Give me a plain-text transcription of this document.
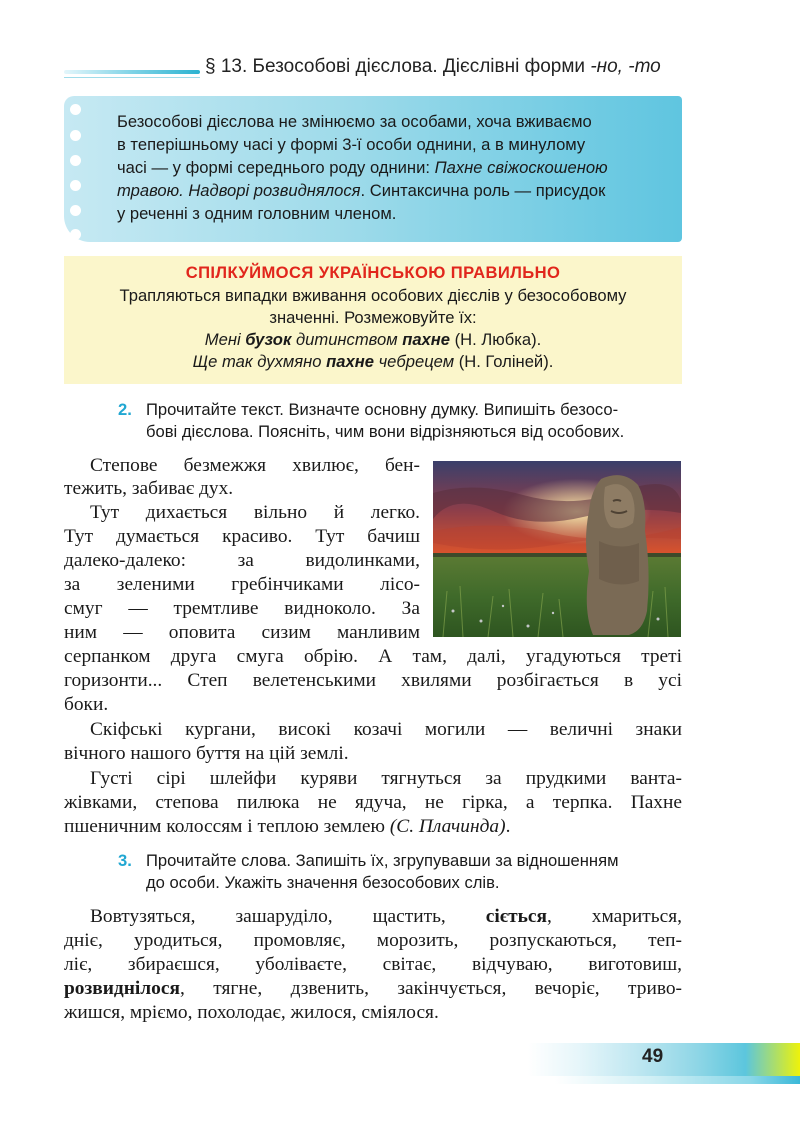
§ 13. Безособові дієслова. Дієслівні форми -но, -то
Безособові дієслова не змінюємо за особами, хоча вживаємо
в теперішньому часі у формі 3-ї особи однини, а в минулому
часі — у формі середнього роду однини: Пахне свіжоскошеною
травою. Надворі розвиднялося. Синтаксична роль — присудок
у реченні з одним головним членом.
СПІЛКУЙМОСЯ УКРАЇНСЬКОЮ ПРАВИЛЬНО
Трапляються випадки вживання особових дієслів у безособовому
значенні. Розмежовуйте їх:
Мені бузок дитинством пахне (Н. Любка).
Ще так духмяно пахне чебрецем (Н. Голіней).
2. Прочитайте текст. Визначте основну думку. Випишіть безосо-
бові дієслова. Поясніть, чим вони відрізняються від особових.
Степове безмежжя хвилює, бен-
тежить, забиває дух.
Тут дихається вільно й легко.
Тут думається красиво. Тут бачиш
далеко-далеко: за видолинками,
за зеленими гребінчиками лісо-
смуг — тремтливе видноколо. За
ним — оповита сизим манливим
серпанком друга смуга обрію. А там, далі, угадуються треті
горизонти... Степ велетенськими хвилями розбігається в усі
боки.
Скіфські кургани, високі козачі могили — величні знаки
вічного нашого буття на цій землі.
Густі сірі шлейфи куряви тягнуться за прудкими ванта-
жівками, степова пилюка не ядуча, не гірка, а терпка. Пахне
пшеничним колоссям і теплою землею (С. Плачинда).
3. Прочитайте слова. Запишіть їх, згрупувавши за відношенням
до особи. Укажіть значення безособових слів.
Вовтузяться, зашаруділо, щастить, сіється, хмариться,
дніє, уродиться, промовляє, морозить, розпускаються, теп-
ліє, збираєшся, уболіваєте, світає, відчуваю, виготовиш,
розвиднілося, тягне, дзвенить, закінчується, вечоріє, триво-
жишся, мріємо, похолодає, жилося, сміялося.
49
